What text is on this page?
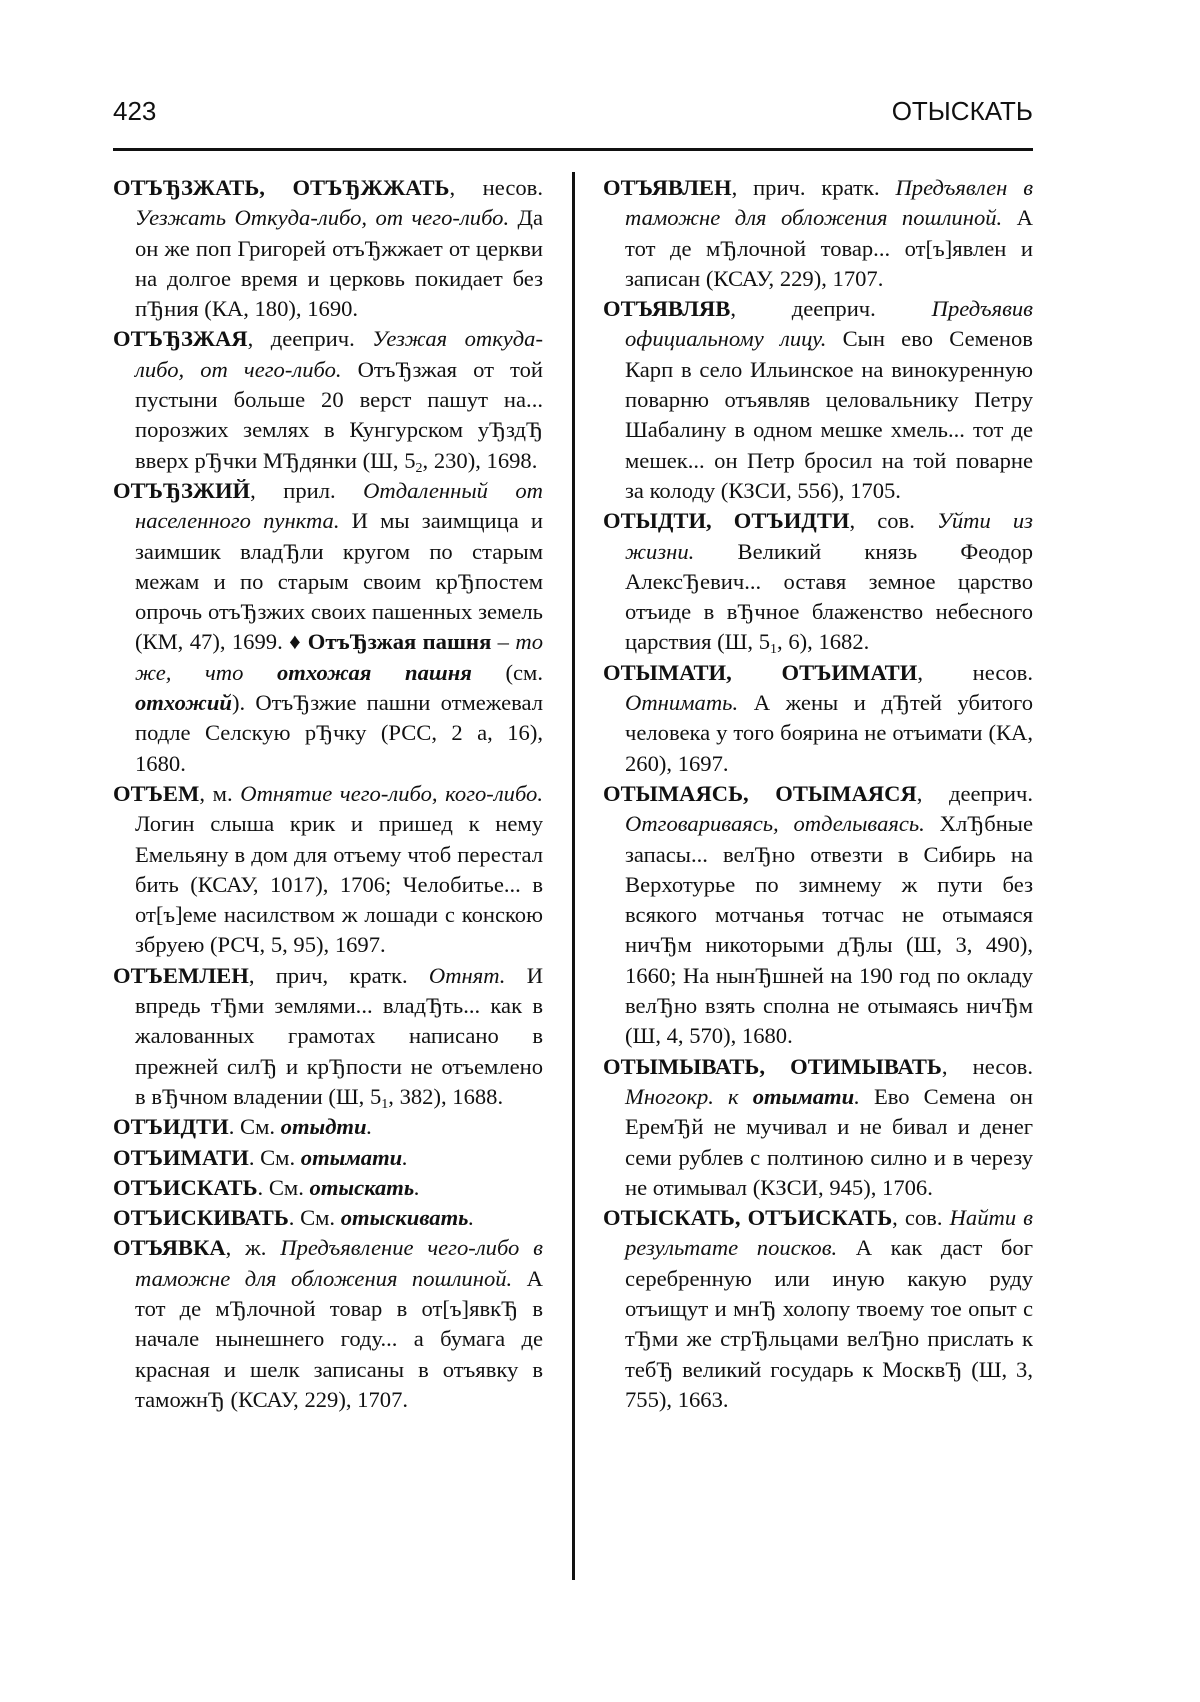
423	ОТЫСКАТЬ

ОТЪЂЗЖАТЬ, ОТЪЂЖЖАТЬ, несов. Уезжать Откуда-либо, от чего-либо. Да он же поп Григорей отъЂжжает от церкви на долгое время и церковь покидает без пЂния (КА, 180), 1690.

ОТЪЂЗЖАЯ, дееприч. Уезжая откуда-либо, от чего-либо. ОтъЂзжая от той пустыни больше 20 верст пашут на... порозжих землях в Кунгурском уЂздЂ вверх рЂчки МЂдянки (Ш, $5_2$, 230), 1698.

ОТЪЂЗЖИЙ, прил. Отдаленный от населенного пункта. И мы заимщица и заимшик владЂли кругом по старым межам и по старым своим крЂпостем опрочь отъЂзжих своих пашенных земель (КМ, 47), 1699. ♦ ОтъЂзжая пашня – то же, что отхожая пашня (см. отхожий). ОтъЂзжие пашни отмежевал подле Селскую рЂчку (РСС, 2 а, 16), 1680.

ОТЪЕМ, м. Отнятие чего-либо, кого-либо. Логин слыша крик и пришед к нему Емельяну в дом для отъему чтоб перестал бить (КСАУ, 1017), 1706; Челобитье... в от[ъ]еме насилством ж лошади с конскою збруею (РСЧ, 5, 95), 1697.

ОТЪЕМЛЕН, прич, кратк. Отнят. И впредь тЂми землями... владЂть... как в жалованных грамотах написано в прежней силЂ и крЂпости не отъемлено в вЂчном владении (Ш, $5_1$, 382), 1688.

ОТЪИДТИ. См. отыдти.

ОТЪИМАТИ. См. отымати.

ОТЪИСКАТЬ. См. отыскать.

ОТЪИСКИВАТЬ. См. отыскивать.

ОТЪЯВКА, ж. Предъявление чего-либо в таможне для обложения пошлиной. А тот де мЂлочной товар в от[ъ]явкЂ в начале нынешнего году... а бумага де красная и шелк записаны в отъявку в таможнЂ (КСАУ, 229), 1707.

ОТЪЯВЛЕН, прич. кратк. Предъявлен в таможне для обложения пошлиной. А тот де мЂлочной товар... от[ъ]явлен и записан (КСАУ, 229), 1707.

ОТЪЯВЛЯВ, дееприч. Предъявив официальному лицу. Сын ево Семенов Карп в село Ильинское на винокуренную поварню отъявляв целовальнику Петру Шабалину в одном мешке хмель... тот де мешек... он Петр бросил на той поварне за колоду (КЗСИ, 556), 1705.

ОТЫДТИ, ОТЪИДТИ, сов. Уйти из жизни. Великий князь Феодор АлексЂевич... оставя земное царство отъиде в вЂчное блаженство небесного царствия (Ш, $5_1$, 6), 1682.

ОТЫМАТИ, ОТЪИМАТИ, несов. Отнимать. А жены и дЂтей убитого человека у того боярина не отъимати (КА, 260), 1697.

ОТЫМАЯСЬ, ОТЫМАЯСЯ, дееприч. Отговариваясь, отделываясь. ХлЂбные запасы... велЂно отвезти в Сибирь на Верхотурье по зимнему ж пути без всякого мотчанья тотчас не отымаяся ничЂм никоторыми дЂлы (Ш, 3, 490), 1660; На нынЂшней на 190 год по окладу велЂно взять сполна не отымаясь ничЂм (Ш, 4, 570), 1680.

ОТЫМЫВАТЬ, ОТИМЫВАТЬ, несов. Многокр. к отымати. Ево Семена он ЕремЂй не мучивал и не бивал и денег семи рублев с полтиною силно и в черезу не отимывал (КЗСИ, 945), 1706.

ОТЫСКАТЬ, ОТЪИСКАТЬ, сов. Найти в результате поисков. А как даст бог серебренную или иную какую руду отъищут и мнЂ холопу твоему тое опыт с тЂми же стрЂльцами велЂно прислать к тебЂ великий государь к МосквЂ (Ш, 3, 755), 1663.
